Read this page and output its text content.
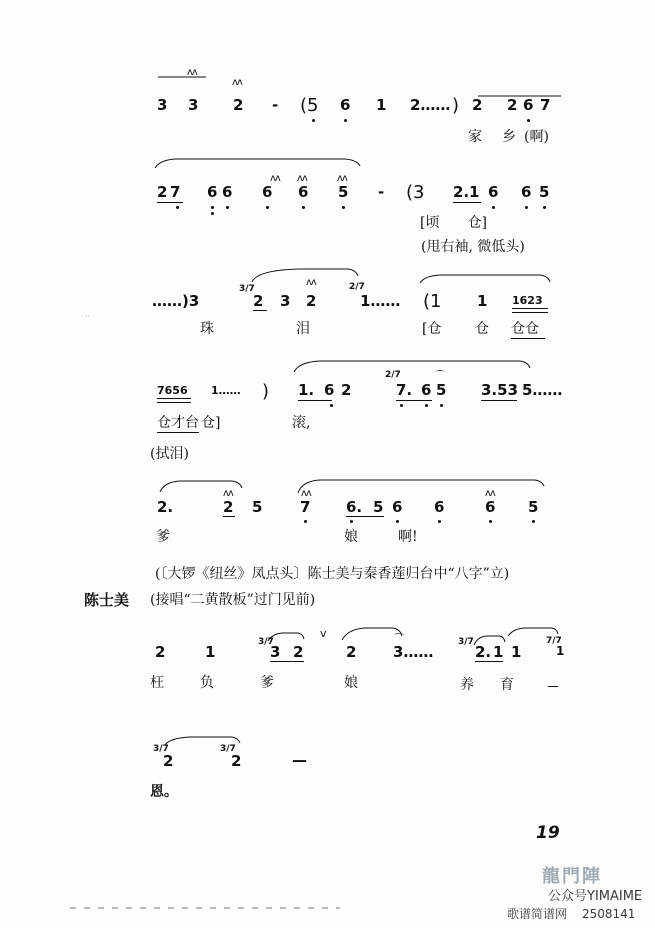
ʌʌ
ʌʌ
3 3 2 - (5 6 1 2…… ) 2 2 6 7
家 乡 (啊)
ʌʌ ʌʌ	ʌʌ
2 7 6 6 6 6 5 - (3 2. 1 6 6 5
[顷　　仓]
(甩右袖, 微低头)
3/7	2/7
ʌʌ
……)3	2 3 2	1…… (1 1 1623
珠	泪	[仓 仓 仓仓
2/7	⌒
7656 1…… ) 1. 6 2	7. 6 5 3.53 5……
仓才台 仓]	滚,
(拭泪)
ʌʌ	ʌʌ	ʌʌ
2.	2 5	7 6. 5 6 6	6 5
爹	娘	啊!
(〔大锣《纽丝》凤点头〕陈士美与秦香莲归台中“八字”立)
陈士美 (接唱“二黄散板”过门见前)
3/7
v	⌒	3/7	7/7
2	1	3 2	2 3……	2. 1 1	1
枉	负	爹	娘	养 育
3/7	3/7
2	2	—
恩。
19
··
龍門陣
公众号YIMAIME
歌谱简谱网 2508141
